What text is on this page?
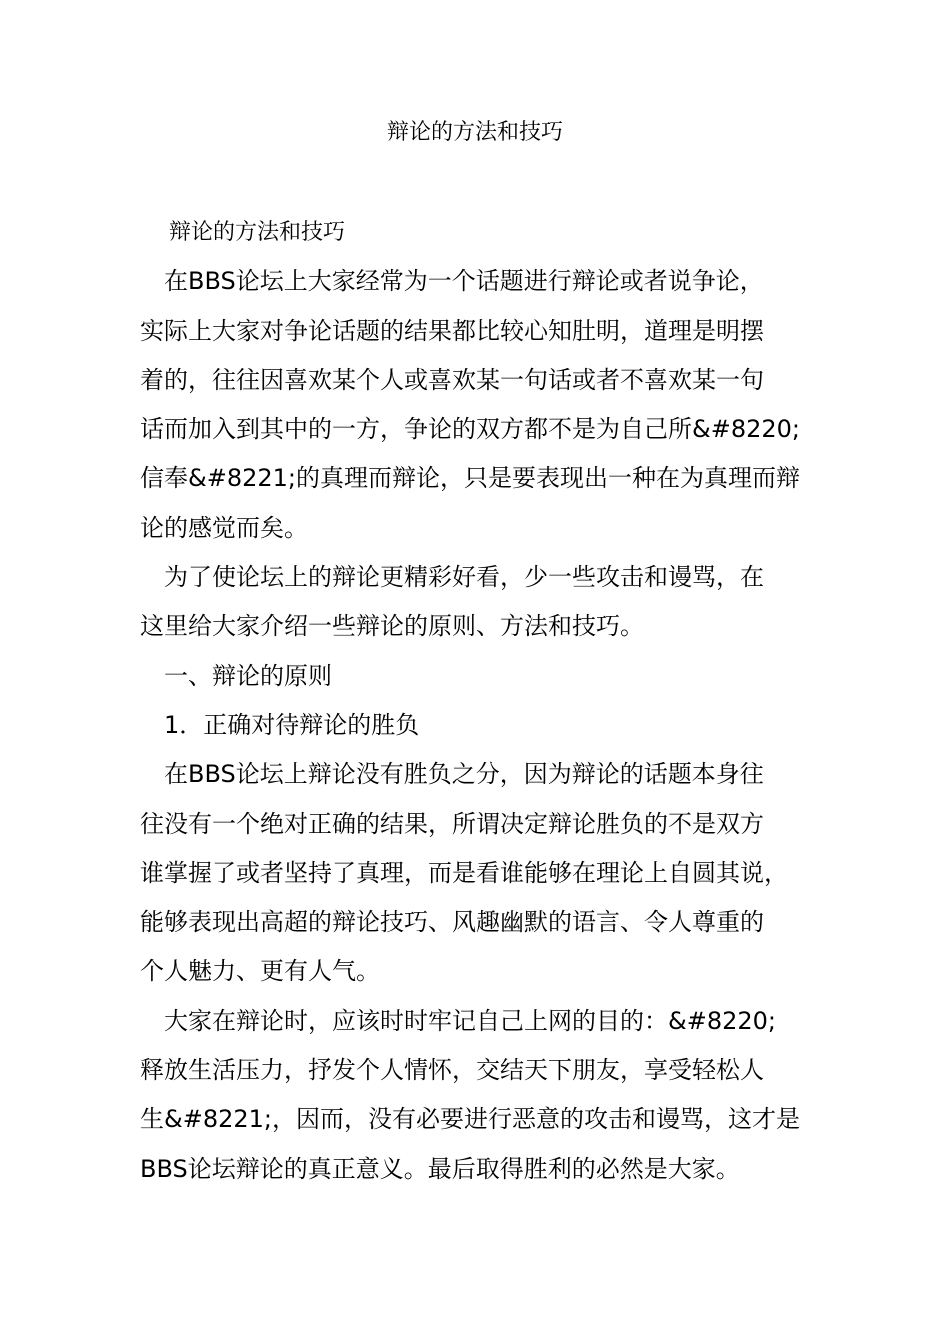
辩论的方法和技巧

　 辩论的方法和技巧

　在BBS论坛上大家经常为一个话题进行辩论或者说争论，

实际上大家对争论话题的结果都比较心知肚明，道理是明摆

着的，往往因喜欢某个人或喜欢某一句话或者不喜欢某一句

话而加入到其中的一方，争论的双方都不是为自己所&#8220;

信奉&#8221;的真理而辩论，只是要表现出一种在为真理而辩

论的感觉而矣。

　为了使论坛上的辩论更精彩好看，少一些攻击和谩骂，在

这里给大家介绍一些辩论的原则、方法和技巧。

　一、辩论的原则

　1．正确对待辩论的胜负

　在BBS论坛上辩论没有胜负之分，因为辩论的话题本身往

往没有一个绝对正确的结果，所谓决定辩论胜负的不是双方

谁掌握了或者坚持了真理，而是看谁能够在理论上自圆其说，

能够表现出高超的辩论技巧、风趣幽默的语言、令人尊重的

个人魅力、更有人气。

　大家在辩论时，应该时时牢记自己上网的目的：&#8220;

释放生活压力，抒发个人情怀，交结天下朋友，享受轻松人

生&#8221;，因而，没有必要进行恶意的攻击和谩骂，这才是

BBS论坛辩论的真正意义。最后取得胜利的必然是大家。
